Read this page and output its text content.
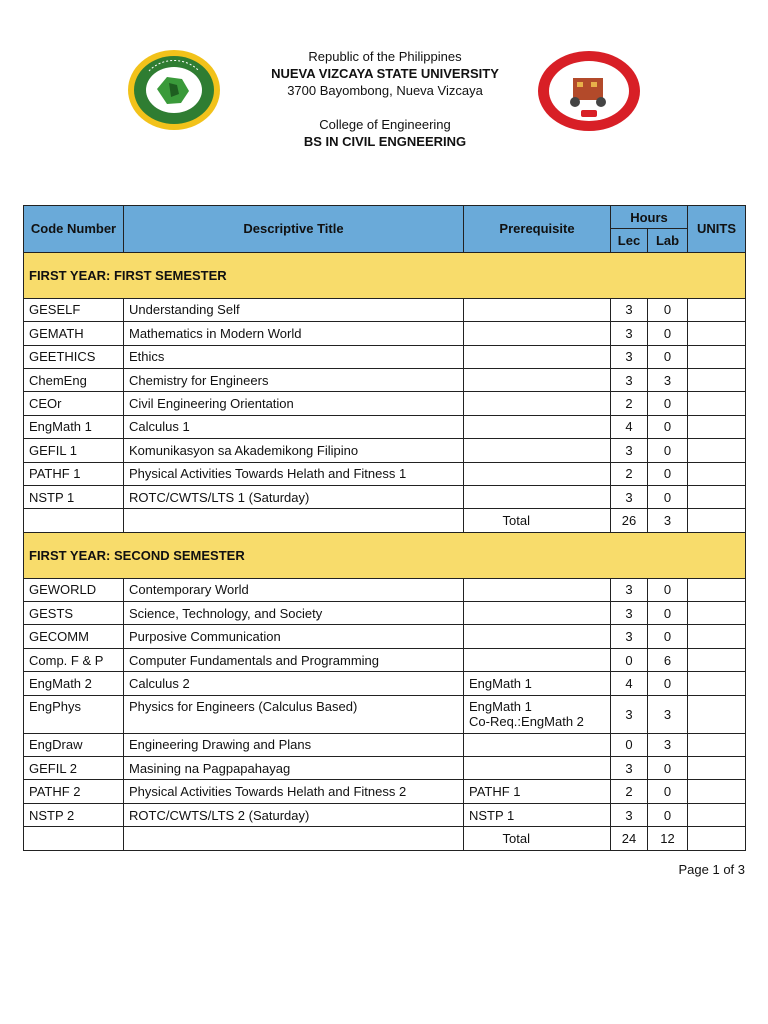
Republic of the Philippines
NUEVA VIZCAYA STATE UNIVERSITY
3700 Bayombong, Nueva Vizcaya
College of Engineering
BS IN CIVIL ENGNEERING
Code Number	Descriptive Title	Prerequisite	Hours		UNITS
			Lec	Lab	
FIRST YEAR: FIRST SEMESTER					
GESELF	Understanding Self		3	0	
GEMATH	Mathematics in Modern World		3	0	
GEETHICS	Ethics		3	0	
ChemEng	Chemistry for Engineers		3	3	
CEOr	Civil Engineering Orientation		2	0	
EngMath 1	Calculus 1		4	0	
GEFIL 1	Komunikasyon sa Akademikong Filipino		3	0	
PATHF 1	Physical Activities Towards Helath and Fitness 1		2	0	
NSTP 1	ROTC/CWTS/LTS 1 (Saturday)		3	0	
		Total	26	3	
FIRST YEAR: SECOND SEMESTER					
GEWORLD	Contemporary World		3	0	
GESTS	Science, Technology, and Society		3	0	
GECOMM	Purposive Communication		3	0	
Comp. F & P	Computer Fundamentals and Programming		0	6	
EngMath 2	Calculus 2	EngMath 1	4	0	
EngPhys	Physics for Engineers (Calculus Based)	EngMath 1
Co-Req.:EngMath 2	3	3	
EngDraw	Engineering Drawing and Plans		0	3	
GEFIL 2	Masining na Pagpapahayag		3	0	
PATHF 2	Physical Activities Towards Helath and Fitness 2	PATHF 1	2	0	
NSTP 2	ROTC/CWTS/LTS 2 (Saturday)	NSTP 1	3	0	
		Total	24	12	
Page 1 of 3
